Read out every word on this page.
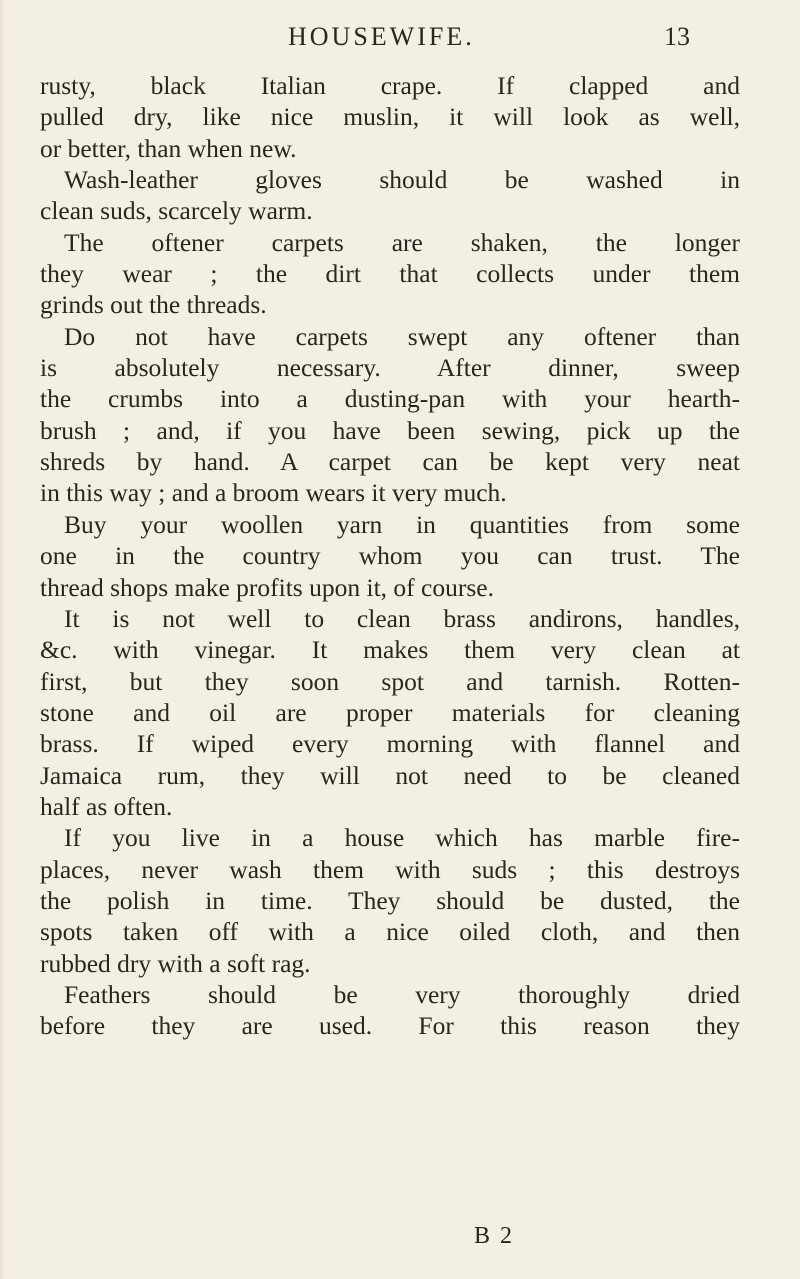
HOUSEWIFE.	13
rusty, black Italian crape. If clapped and
pulled dry, like nice muslin, it will look as well,
or better, than when new.
Wash-leather gloves should be washed in
clean suds, scarcely warm.
The oftener carpets are shaken, the longer
they wear ; the dirt that collects under them
grinds out the threads.
Do not have carpets swept any oftener than
is absolutely necessary. After dinner, sweep
the crumbs into a dusting-pan with your hearth-
brush ; and, if you have been sewing, pick up the
shreds by hand. A carpet can be kept very neat
in this way ; and a broom wears it very much.
Buy your woollen yarn in quantities from some
one in the country whom you can trust. The
thread shops make profits upon it, of course.
It is not well to clean brass andirons, handles,
&c. with vinegar. It makes them very clean at
first, but they soon spot and tarnish. Rotten-
stone and oil are proper materials for cleaning
brass. If wiped every morning with flannel and
Jamaica rum, they will not need to be cleaned
half as often.
If you live in a house which has marble fire-
places, never wash them with suds ; this destroys
the polish in time. They should be dusted, the
spots taken off with a nice oiled cloth, and then
rubbed dry with a soft rag.
Feathers should be very thoroughly dried
before they are used. For this reason they
B 2
